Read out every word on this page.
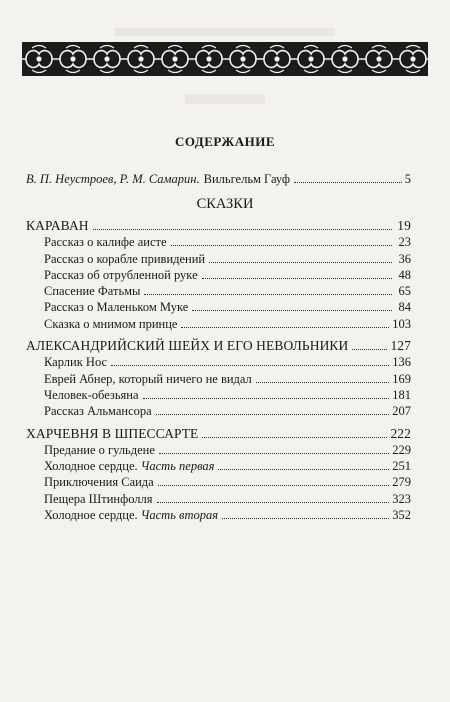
СОДЕРЖАНИЕ
В. П. Неустроев, Р. М. Самарин. Вильгельм Гауф	5
СКАЗКИ
КАРАВАН	19
Рассказ о калифе аисте	23
Рассказ о корабле привидений	36
Рассказ об отрубленной руке	48
Спасение Фатьмы	65
Рассказ о Маленьком Муке	84
Сказка о мнимом принце	103
АЛЕКСАНДРИЙСКИЙ ШЕЙХ И ЕГО НЕВОЛЬНИКИ	127
Карлик Нос	136
Еврей Абнер, который ничего не видал	169
Человек-обезьяна	181
Рассказ Альмансора	207
ХАРЧЕВНЯ В ШПЕССАРТЕ	222
Предание о гульдене	229
Холодное сердце. Часть первая	251
Приключения Саида	279
Пещера Штинфолля	323
Холодное сердце. Часть вторая	352
